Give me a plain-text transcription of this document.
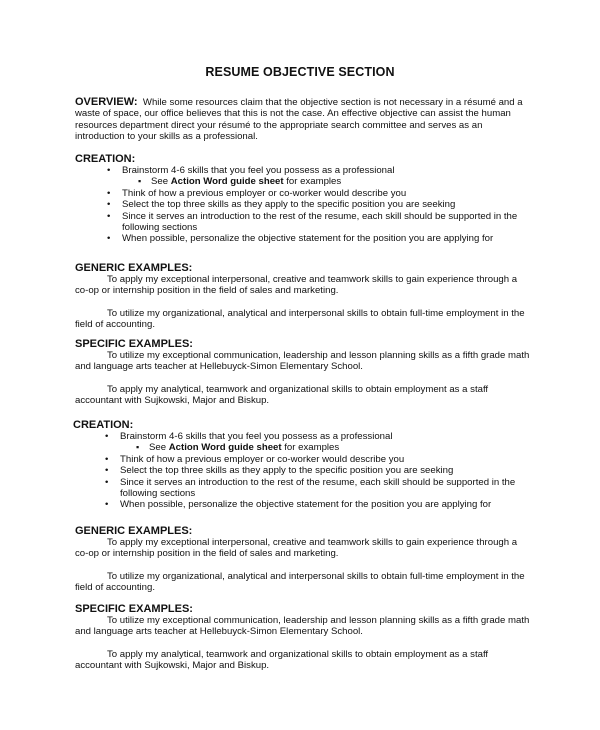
RESUME OBJECTIVE SECTION
OVERVIEW: While some resources claim that the objective section is not necessary in a résumé and a waste of space, our office believes that this is not the case. An effective objective can assist the human resources department direct your résumé to the appropriate search committee and serves as an introduction to your skills as a professional.
CREATION:
• Brainstorm 4-6 skills that you feel you possess as a professional
▪ See Action Word guide sheet for examples
• Think of how a previous employer or co-worker would describe you
• Select the top three skills as they apply to the specific position you are seeking
• Since it serves an introduction to the rest of the resume, each skill should be supported in the following sections
• When possible, personalize the objective statement for the position you are applying for
GENERIC EXAMPLES:

To apply my exceptional interpersonal, creative and teamwork skills to gain experience through a co-op or internship position in the field of sales and marketing.

To utilize my organizational, analytical and interpersonal skills to obtain full-time employment in the field of accounting.

SPECIFIC EXAMPLES:

To utilize my exceptional communication, leadership and lesson planning skills as a fifth grade math and language arts teacher at Hellebuyck-Simon Elementary School.

To apply my analytical, teamwork and organizational skills to obtain employment as a staff accountant with Sujkowski, Major and Biskup.

CREATION:
• Brainstorm 4-6 skills that you feel you possess as a professional
▪ See Action Word guide sheet for examples
• Think of how a previous employer or co-worker would describe you
• Select the top three skills as they apply to the specific position you are seeking
• Since it serves an introduction to the rest of the resume, each skill should be supported in the following sections
• When possible, personalize the objective statement for the position you are applying for
GENERIC EXAMPLES:

To apply my exceptional interpersonal, creative and teamwork skills to gain experience through a co-op or internship position in the field of sales and marketing.

To utilize my organizational, analytical and interpersonal skills to obtain full-time employment in the field of accounting.

SPECIFIC EXAMPLES:

To utilize my exceptional communication, leadership and lesson planning skills as a fifth grade math and language arts teacher at Hellebuyck-Simon Elementary School.

To apply my analytical, teamwork and organizational skills to obtain employment as a staff accountant with Sujkowski, Major and Biskup.
